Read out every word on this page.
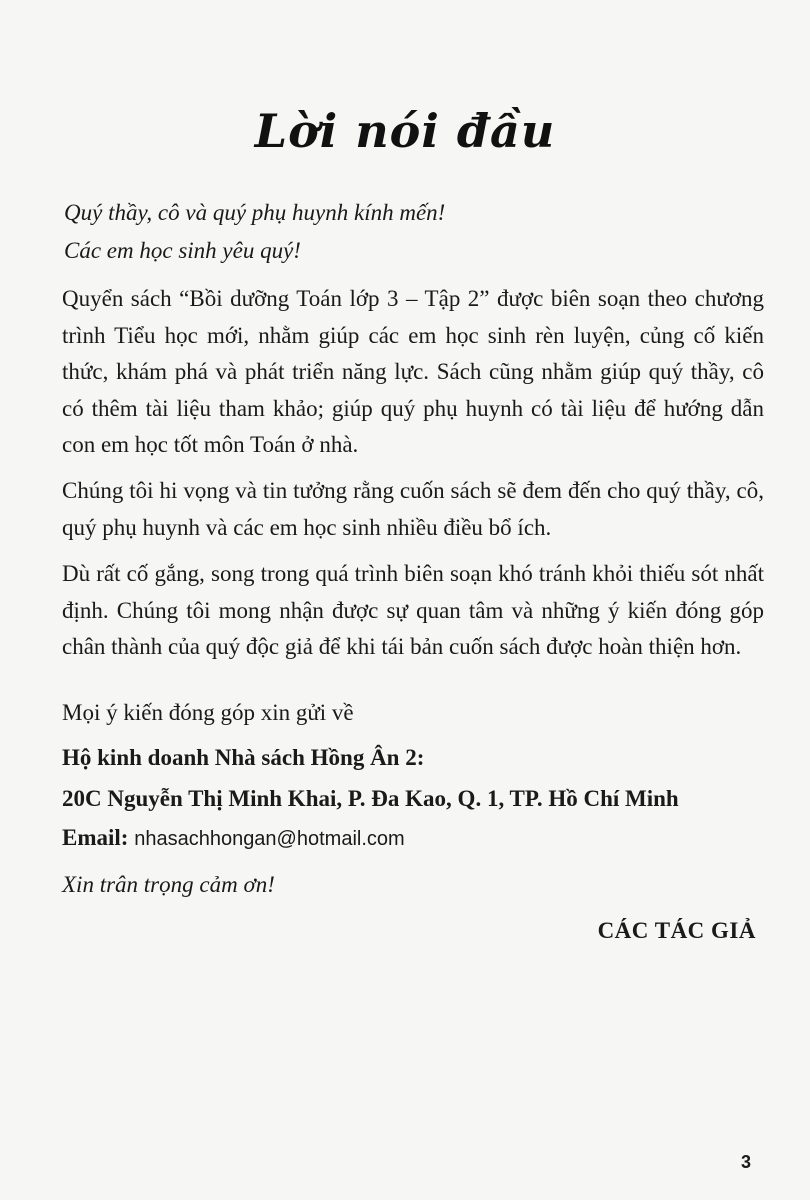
Lời nói đầu
Quý thầy, cô và quý phụ huynh kính mến!
Các em học sinh yêu quý!

Quyển sách “Bồi dưỡng Toán lớp 3 – Tập 2” được biên soạn theo chương trình Tiểu học mới, nhằm giúp các em học sinh rèn luyện, củng cố kiến thức, khám phá và phát triển năng lực. Sách cũng nhằm giúp quý thầy, cô có thêm tài liệu tham khảo; giúp quý phụ huynh có tài liệu để hướng dẫn con em học tốt môn Toán ở nhà.

Chúng tôi hi vọng và tin tưởng rằng cuốn sách sẽ đem đến cho quý thầy, cô, quý phụ huynh và các em học sinh nhiều điều bổ ích.

Dù rất cố gắng, song trong quá trình biên soạn khó tránh khỏi thiếu sót nhất định. Chúng tôi mong nhận được sự quan tâm và những ý kiến đóng góp chân thành của quý độc giả để khi tái bản cuốn sách được hoàn thiện hơn.

Mọi ý kiến đóng góp xin gửi về
Hộ kinh doanh Nhà sách Hồng Ân 2:
20C Nguyễn Thị Minh Khai, P. Đa Kao, Q. 1, TP. Hồ Chí Minh
Email: nhasachhongan@hotmail.com
Xin trân trọng cảm ơn!
CÁC TÁC GIẢ
3
